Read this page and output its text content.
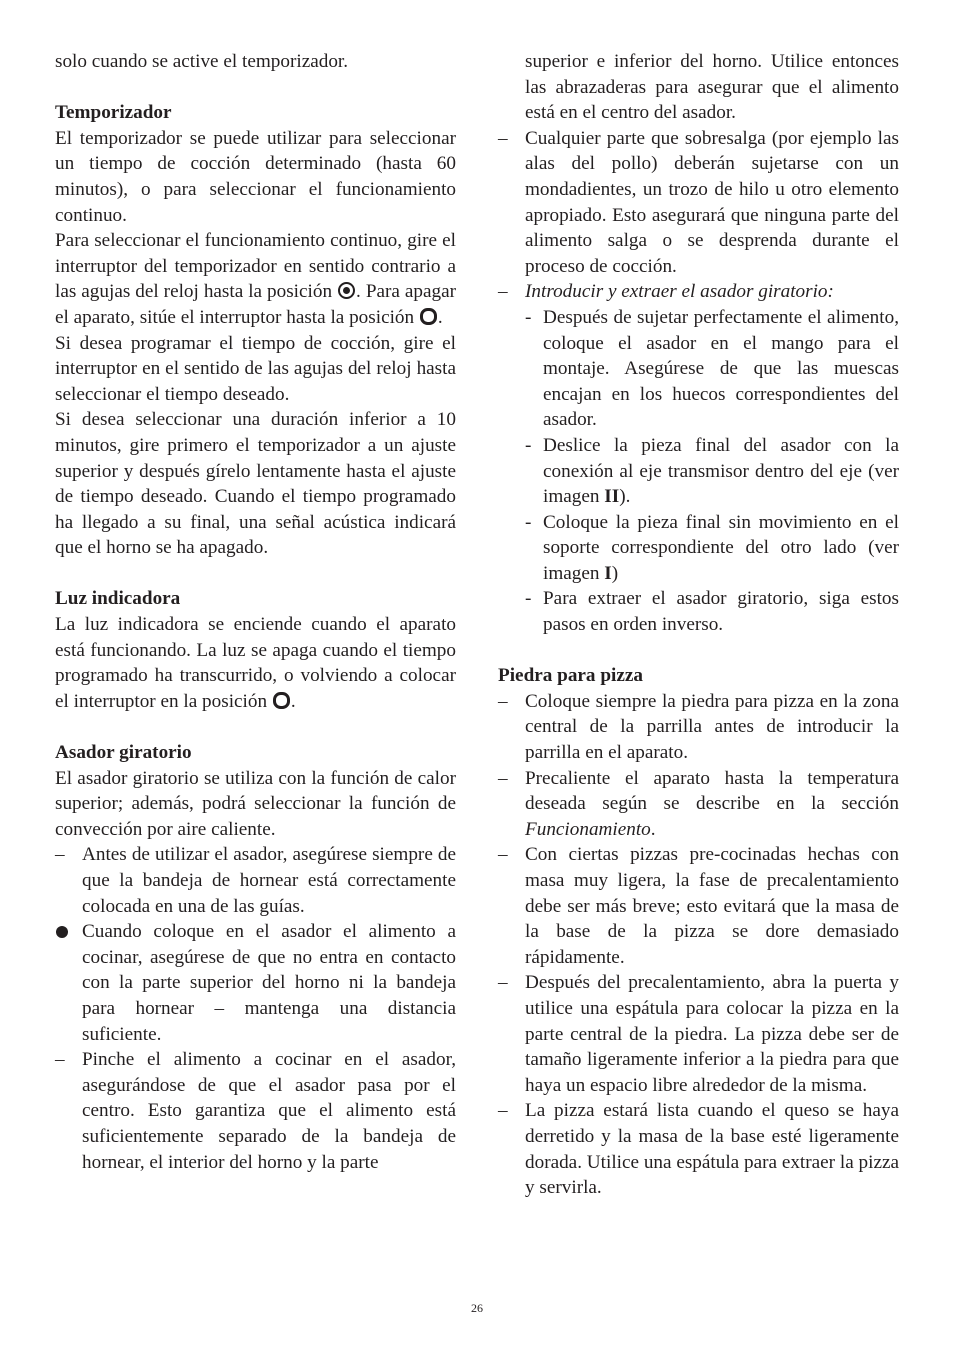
solo cuando se active el temporizador.

Temporizador

El temporizador se puede utilizar para seleccionar un tiempo de cocción determinado (hasta 60 minutos), o para seleccionar el funcionamiento continuo.

Para seleccionar el funcionamiento continuo, gire el interruptor del temporizador en sentido contrario a las agujas del reloj hasta la posición . Para apagar el aparato, sitúe el interruptor hasta la posición .

Si desea programar el tiempo de cocción, gire el interruptor en el sentido de las agujas del reloj hasta seleccionar el tiempo deseado.

Si desea seleccionar una duración inferior a 10 minutos, gire primero el temporizador a un ajuste superior y después gírelo lentamente hasta el ajuste de tiempo deseado. Cuando el tiempo programado ha llegado a su final, una señal acústica indicará que el horno se ha apagado.

Luz indicadora

La luz indicadora se enciende cuando el aparato está funcionando. La luz se apaga cuando el tiempo programado ha transcurrido, o volviendo a colocar el interruptor en la posición .

Asador giratorio

El asador giratorio se utiliza con la función de calor superior; además, podrá seleccionar la función de convección por aire caliente.

– Antes de utilizar el asador, asegúrese siempre de que la bandeja de hornear está correctamente colocada en una de las guías.
Cuando coloque en el asador el alimento a cocinar, asegúrese de que no entra en contacto con la parte superior del horno ni la bandeja para hornear – mantenga una distancia suficiente.
– Pinche el alimento a cocinar en el asador, asegurándose de que el asador pasa por el centro. Esto garantiza que el alimento está suficientemente separado de la bandeja de hornear, el interior del horno y la parte
superior e inferior del horno. Utilice entonces las abrazaderas para asegurar que el alimento está en el centro del asador.
– Cualquier parte que sobresalga (por ejemplo las alas del pollo) deberán sujetarse con un mondadientes, un trozo de hilo u otro elemento apropiado. Esto asegurará que ninguna parte del alimento salga o se desprenda durante el proceso de cocción.
– Introducir y extraer el asador giratorio:
- Después de sujetar perfectamente el alimento, coloque el asador en el mango para el montaje. Asegúrese de que las muescas encajan en los huecos correspondientes del asador.
- Deslice la pieza final del asador con la conexión al eje transmisor dentro del eje (ver imagen II).
- Coloque la pieza final sin movimiento en el soporte correspondiente del otro lado (ver imagen I)
- Para extraer el asador giratorio, siga estos pasos en orden inverso.

Piedra para pizza

– Coloque siempre la piedra para pizza en la zona central de la parrilla antes de introducir la parrilla en el aparato.
– Precaliente el aparato hasta la temperatura deseada según se describe en la sección Funcionamiento.
– Con ciertas pizzas pre-cocinadas hechas con masa muy ligera, la fase de precalentamiento debe ser más breve; esto evitará que la masa de la base de la pizza se dore demasiado rápidamente.
– Después del precalentamiento, abra la puerta y utilice una espátula para colocar la pizza en la parte central de la piedra. La pizza debe ser de tamaño ligeramente inferior a la piedra para que haya un espacio libre alrededor de la misma.
– La pizza estará lista cuando el queso se haya derretido y la masa de la base esté ligeramente dorada. Utilice una espátula para extraer la pizza y servirla.
26
